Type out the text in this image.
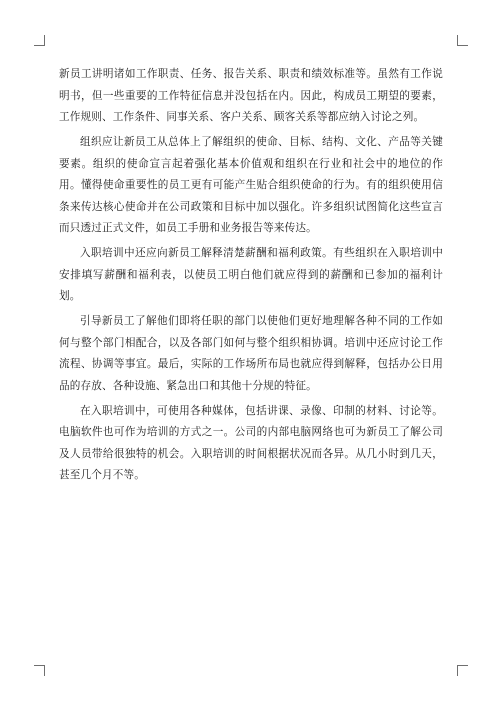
新员工讲明诸如工作职责、任务、报告关系、职责和绩效标准等。虽然有工作说明书，但一些重要的工作特征信息并没包括在内。因此，构成员工期望的要素，工作规则、工作条件、同事关系、客户关系、顾客关系等都应纳入讨论之列。

组织应让新员工从总体上了解组织的使命、目标、结构、文化、产品等关键要素。组织的使命宣言起着强化基本价值观和组织在行业和社会中的地位的作用。懂得使命重要性的员工更有可能产生贴合组织使命的行为。有的组织使用信条来传达核心使命并在公司政策和目标中加以强化。许多组织试图简化这些宣言而只透过正式文件，如员工手册和业务报告等来传达。

入职培训中还应向新员工解释清楚薪酬和福利政策。有些组织在入职培训中安排填写薪酬和福利表，以使员工明白他们就应得到的薪酬和已参加的福利计划。

引导新员工了解他们即将任职的部门以使他们更好地理解各种不同的工作如何与整个部门相配合，以及各部门如何与整个组织相协调。培训中还应讨论工作流程、协调等事宜。最后，实际的工作场所布局也就应得到解释，包括办公日用品的存放、各种设施、紧急出口和其他十分规的特征。

在入职培训中，可使用各种媒体，包括讲课、录像、印制的材料、讨论等。电脑软件也可作为培训的方式之一。公司的内部电脑网络也可为新员工了解公司及人员带给很独特的机会。入职培训的时间根据状况而各异。从几小时到几天，甚至几个月不等。
